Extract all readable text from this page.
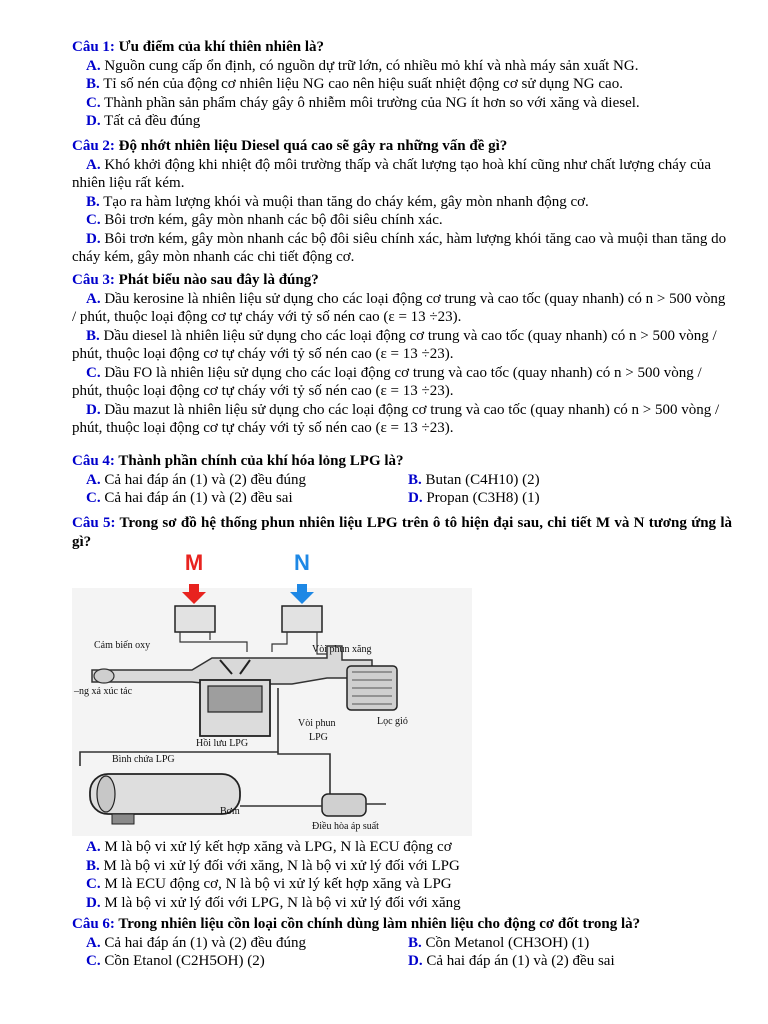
Câu 1: Ưu điểm của khí thiên nhiên là?
A. Nguồn cung cấp ổn định, có nguồn dự trữ lớn, có nhiều mỏ khí và nhà máy sản xuất NG.
B. Tỉ số nén của động cơ nhiên liệu NG cao nên hiệu suất nhiệt động cơ sử dụng NG cao.
C. Thành phần sản phẩm cháy gây ô nhiễm môi trường của NG ít hơn so với xăng và diesel.
D. Tất cả đều đúng
Câu 2: Độ nhớt nhiên liệu Diesel quá cao sẽ gây ra những vấn đề gì?
A. Khó khởi động khi nhiệt độ môi trường thấp và chất lượng tạo hoà khí cũng như chất lượng cháy của nhiên liệu rất kém.
B. Tạo ra hàm lượng khói và muội than tăng do cháy kém, gây mòn nhanh động cơ.
C. Bôi trơn kém, gây mòn nhanh các bộ đôi siêu chính xác.
D. Bôi trơn kém, gây mòn nhanh các bộ đôi siêu chính xác, hàm lượng khói tăng cao và muội than tăng do cháy kém, gây mòn nhanh các chi tiết động cơ.
Câu 3: Phát biểu nào sau đây là đúng?
A. Dầu kerosine là nhiên liệu sử dụng cho các loại động cơ trung và cao tốc (quay nhanh) có n > 500 vòng / phút, thuộc loại động cơ tự cháy với tỷ số nén cao (ε = 13 ÷23).
B. Dầu diesel là nhiên liệu sử dụng cho các loại động cơ trung và cao tốc (quay nhanh) có n > 500 vòng / phút, thuộc loại động cơ tự cháy với tỷ số nén cao (ε = 13 ÷23).
C. Dầu FO là nhiên liệu sử dụng cho các loại động cơ trung và cao tốc (quay nhanh) có n > 500 vòng / phút, thuộc loại động cơ tự cháy với tỷ số nén cao (ε = 13 ÷23).
D. Dầu mazut là nhiên liệu sử dụng cho các loại động cơ trung và cao tốc (quay nhanh) có n > 500 vòng / phút, thuộc loại động cơ tự cháy với tỷ số nén cao (ε = 13 ÷23).
Câu 4: Thành phần chính của khí hóa lỏng LPG là?
A. Cả hai đáp án (1) và (2) đều đúng	B. Butan (C4H10) (2)
C. Cả hai đáp án (1) và (2) đều sai	D. Propan (C3H8) (1)
Câu 5: Trong sơ đồ hệ thống phun nhiên liệu LPG trên ô tô hiện đại sau, chi tiết M và N tương ứng là gì?
M	N
Cảm biến oxy
–ng xả xúc tác
Vòi phun xăng
Vòi phun
LPG
Lọc gió
Hồi lưu LPG
Bình chứa LPG
Bơm
Điều hòa áp suất
A. M là bộ vi xử lý kết hợp xăng và LPG, N là ECU động cơ
B. M là bộ vi xử lý đối với xăng, N là bộ vi xử lý đối với LPG
C. M là ECU động cơ, N là bộ vi xử lý kết hợp xăng và LPG
D. M là bộ vi xử lý đối với LPG, N là bộ vi xử lý đối với xăng
Câu 6: Trong nhiên liệu cồn loại cồn chính dùng làm nhiên liệu cho động cơ đốt trong là?
A. Cả hai đáp án (1) và (2) đều đúng	B. Cồn Metanol (CH3OH) (1)
C. Cồn Etanol (C2H5OH) (2)	D. Cả hai đáp án (1) và (2) đều sai
